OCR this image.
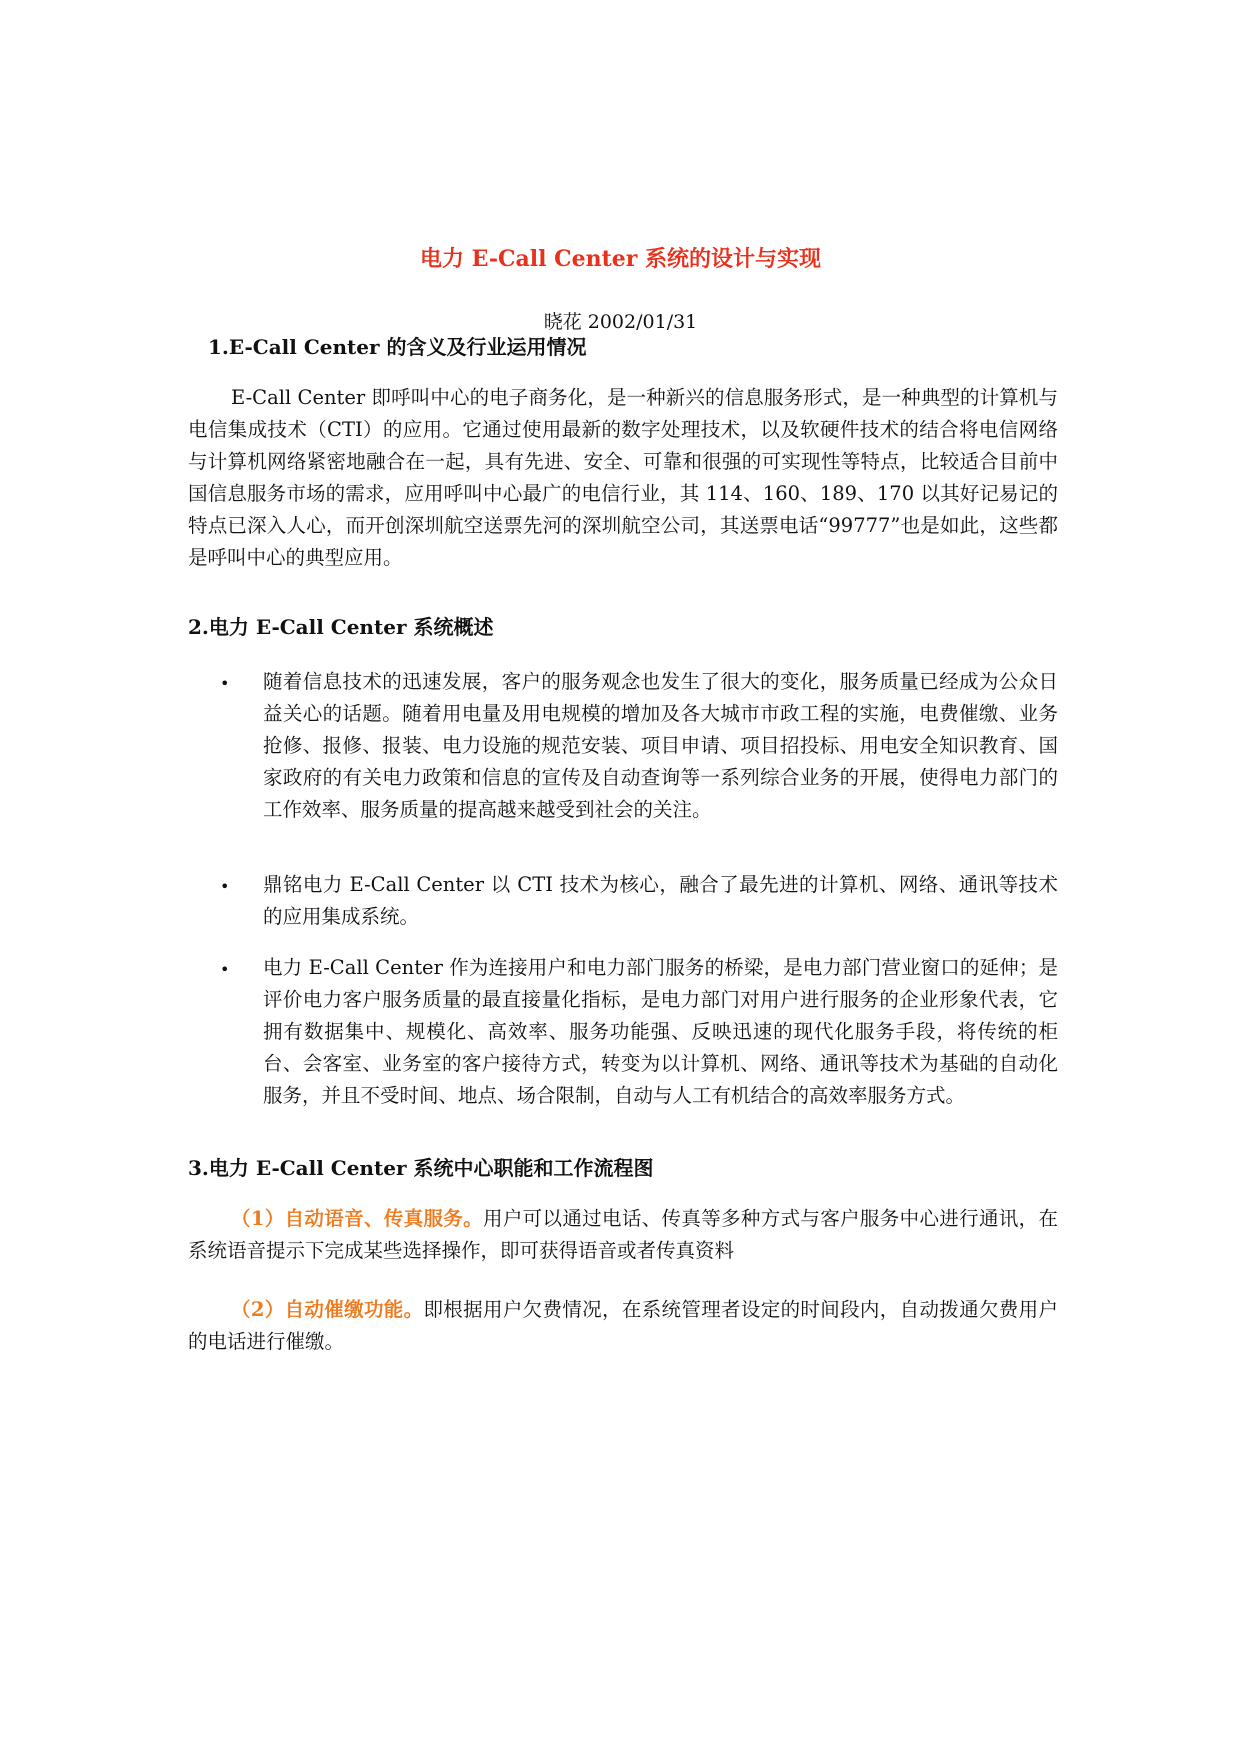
电力 E-Call Center 系统的设计与实现
晓花 2002/01/31
1.E-Call Center 的含义及行业运用情况
E-Call Center 即呼叫中心的电子商务化，是一种新兴的信息服务形式，是一种典型的计算机与电信集成技术（CTI）的应用。它通过使用最新的数字处理技术，以及软硬件技术的结合将电信网络与计算机网络紧密地融合在一起，具有先进、安全、可靠和很强的可实现性等特点，比较适合目前中国信息服务市场的需求，应用呼叫中心最广的电信行业，其 114、160、189、170 以其好记易记的特点已深入人心，而开创深圳航空送票先河的深圳航空公司，其送票电话“99777”也是如此，这些都是呼叫中心的典型应用。
2.电力 E-Call Center 系统概述
• 随着信息技术的迅速发展，客户的服务观念也发生了很大的变化，服务质量已经成为公众日益关心的话题。随着用电量及用电规模的增加及各大城市市政工程的实施，电费催缴、业务抢修、报修、报装、电力设施的规范安装、项目申请、项目招投标、用电安全知识教育、国家政府的有关电力政策和信息的宣传及自动查询等一系列综合业务的开展，使得电力部门的工作效率、服务质量的提高越来越受到社会的关注。
• 鼎铭电力 E-Call Center 以 CTI 技术为核心，融合了最先进的计算机、网络、通讯等技术的应用集成系统。
• 电力 E-Call Center 作为连接用户和电力部门服务的桥梁，是电力部门营业窗口的延伸；是评价电力客户服务质量的最直接量化指标，是电力部门对用户进行服务的企业形象代表，它拥有数据集中、规模化、高效率、服务功能强、反映迅速的现代化服务手段，将传统的柜台、会客室、业务室的客户接待方式，转变为以计算机、网络、通讯等技术为基础的自动化服务，并且不受时间、地点、场合限制，自动与人工有机结合的高效率服务方式。
3.电力 E-Call Center 系统中心职能和工作流程图
（1）自动语音、传真服务。用户可以通过电话、传真等多种方式与客户服务中心进行通讯，在系统语音提示下完成某些选择操作，即可获得语音或者传真资料
（2）自动催缴功能。即根据用户欠费情况，在系统管理者设定的时间段内，自动拨通欠费用户的电话进行催缴。
